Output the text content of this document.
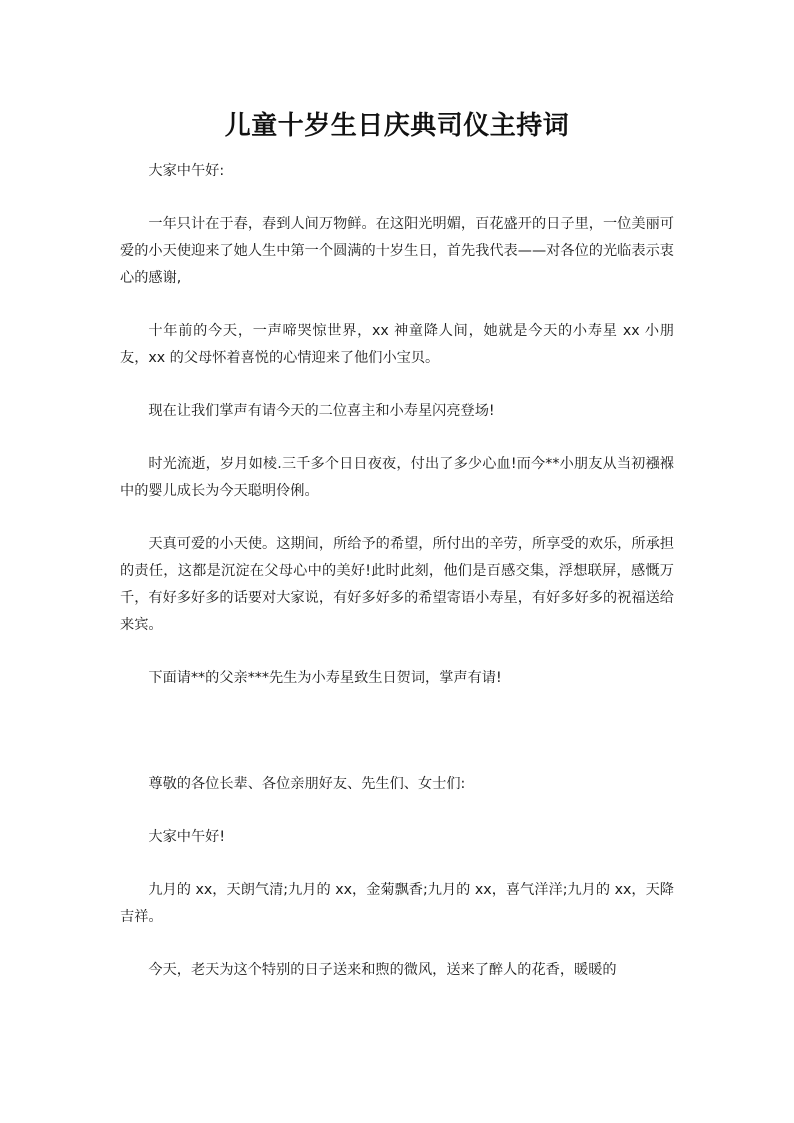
儿童十岁生日庆典司仪主持词

大家中午好:

一年只计在于春，春到人间万物鲜。在这阳光明媚，百花盛开的日子里，一位美丽可爱的小天使迎来了她人生中第一个圆满的十岁生日，首先我代表——对各位的光临表示衷心的感谢,

十年前的今天，一声啼哭惊世界，xx 神童降人间，她就是今天的小寿星 xx 小朋友，xx 的父母怀着喜悦的心情迎来了他们小宝贝。

现在让我们掌声有请今天的二位喜主和小寿星闪亮登场!

时光流逝，岁月如棱.三千多个日日夜夜，付出了多少心血!而今**小朋友从当初襁褓中的婴儿成长为今天聪明伶俐。

天真可爱的小天使。这期间，所给予的希望，所付出的辛劳，所享受的欢乐，所承担的责任，这都是沉淀在父母心中的美好!此时此刻，他们是百感交集，浮想联屏，感慨万千，有好多好多的话要对大家说，有好多好多的希望寄语小寿星，有好多好多的祝福送给来宾。

下面请**的父亲***先生为小寿星致生日贺词，掌声有请!

尊敬的各位长辈、各位亲朋好友、先生们、女士们:

大家中午好!

九月的 xx，天朗气清;九月的 xx，金菊飘香;九月的 xx，喜气洋洋;九月的 xx，天降吉祥。

今天，老天为这个特别的日子送来和煦的微风，送来了醉人的花香，暖暖的
